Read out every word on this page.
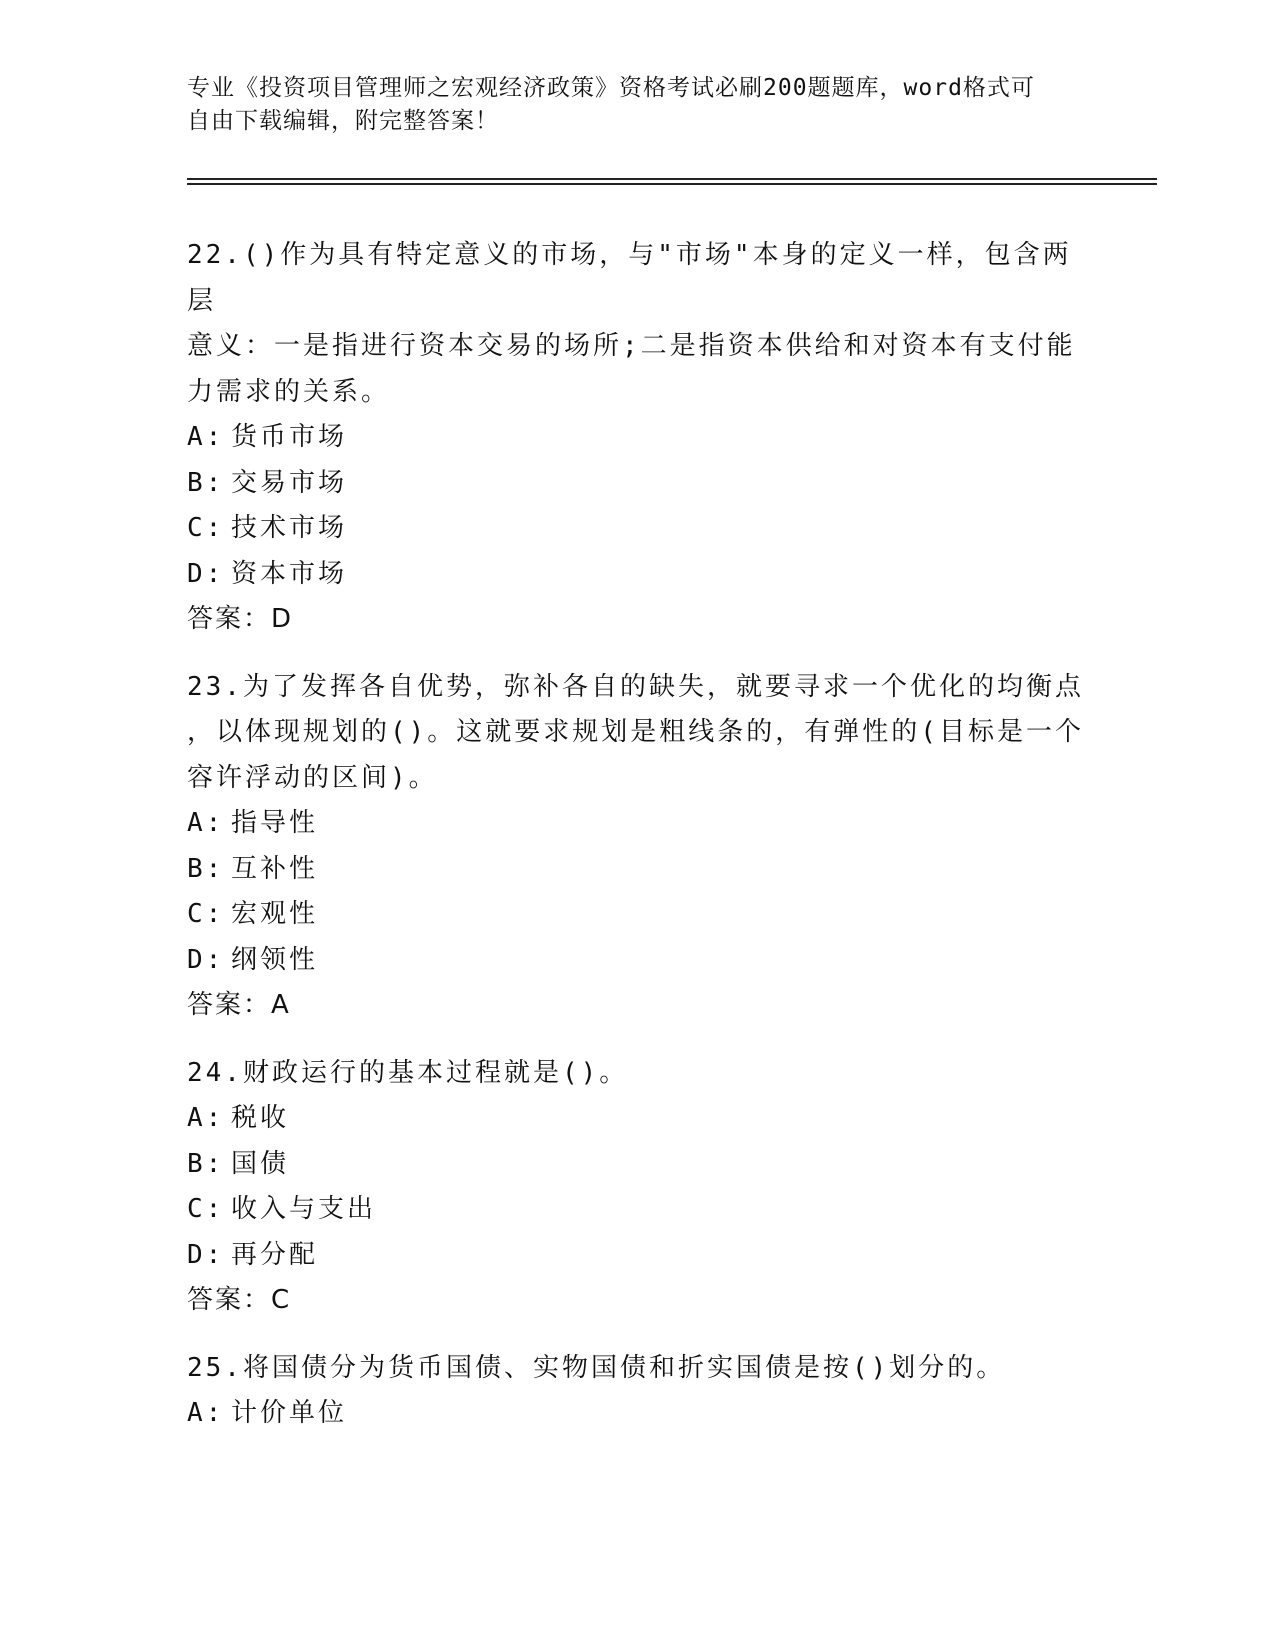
专业《投资项目管理师之宏观经济政策》资格考试必刷200题题库，word格式可
自由下载编辑，附完整答案！

22.()作为具有特定意义的市场，与"市场"本身的定义一样，包含两层
意义：一是指进行资本交易的场所;二是指资本供给和对资本有支付能
力需求的关系。

A: 货币市场

B: 交易市场

C: 技术市场

D: 资本市场

答案：D

23.为了发挥各自优势，弥补各自的缺失，就要寻求一个优化的均衡点
，以体现规划的()。这就要求规划是粗线条的，有弹性的(目标是一个
容许浮动的区间)。

A: 指导性

B: 互补性

C: 宏观性

D: 纲领性

答案：A

24.财政运行的基本过程就是()。

A: 税收

B: 国债

C: 收入与支出

D: 再分配

答案：C

25.将国债分为货币国债、实物国债和折实国债是按()划分的。

A: 计价单位
